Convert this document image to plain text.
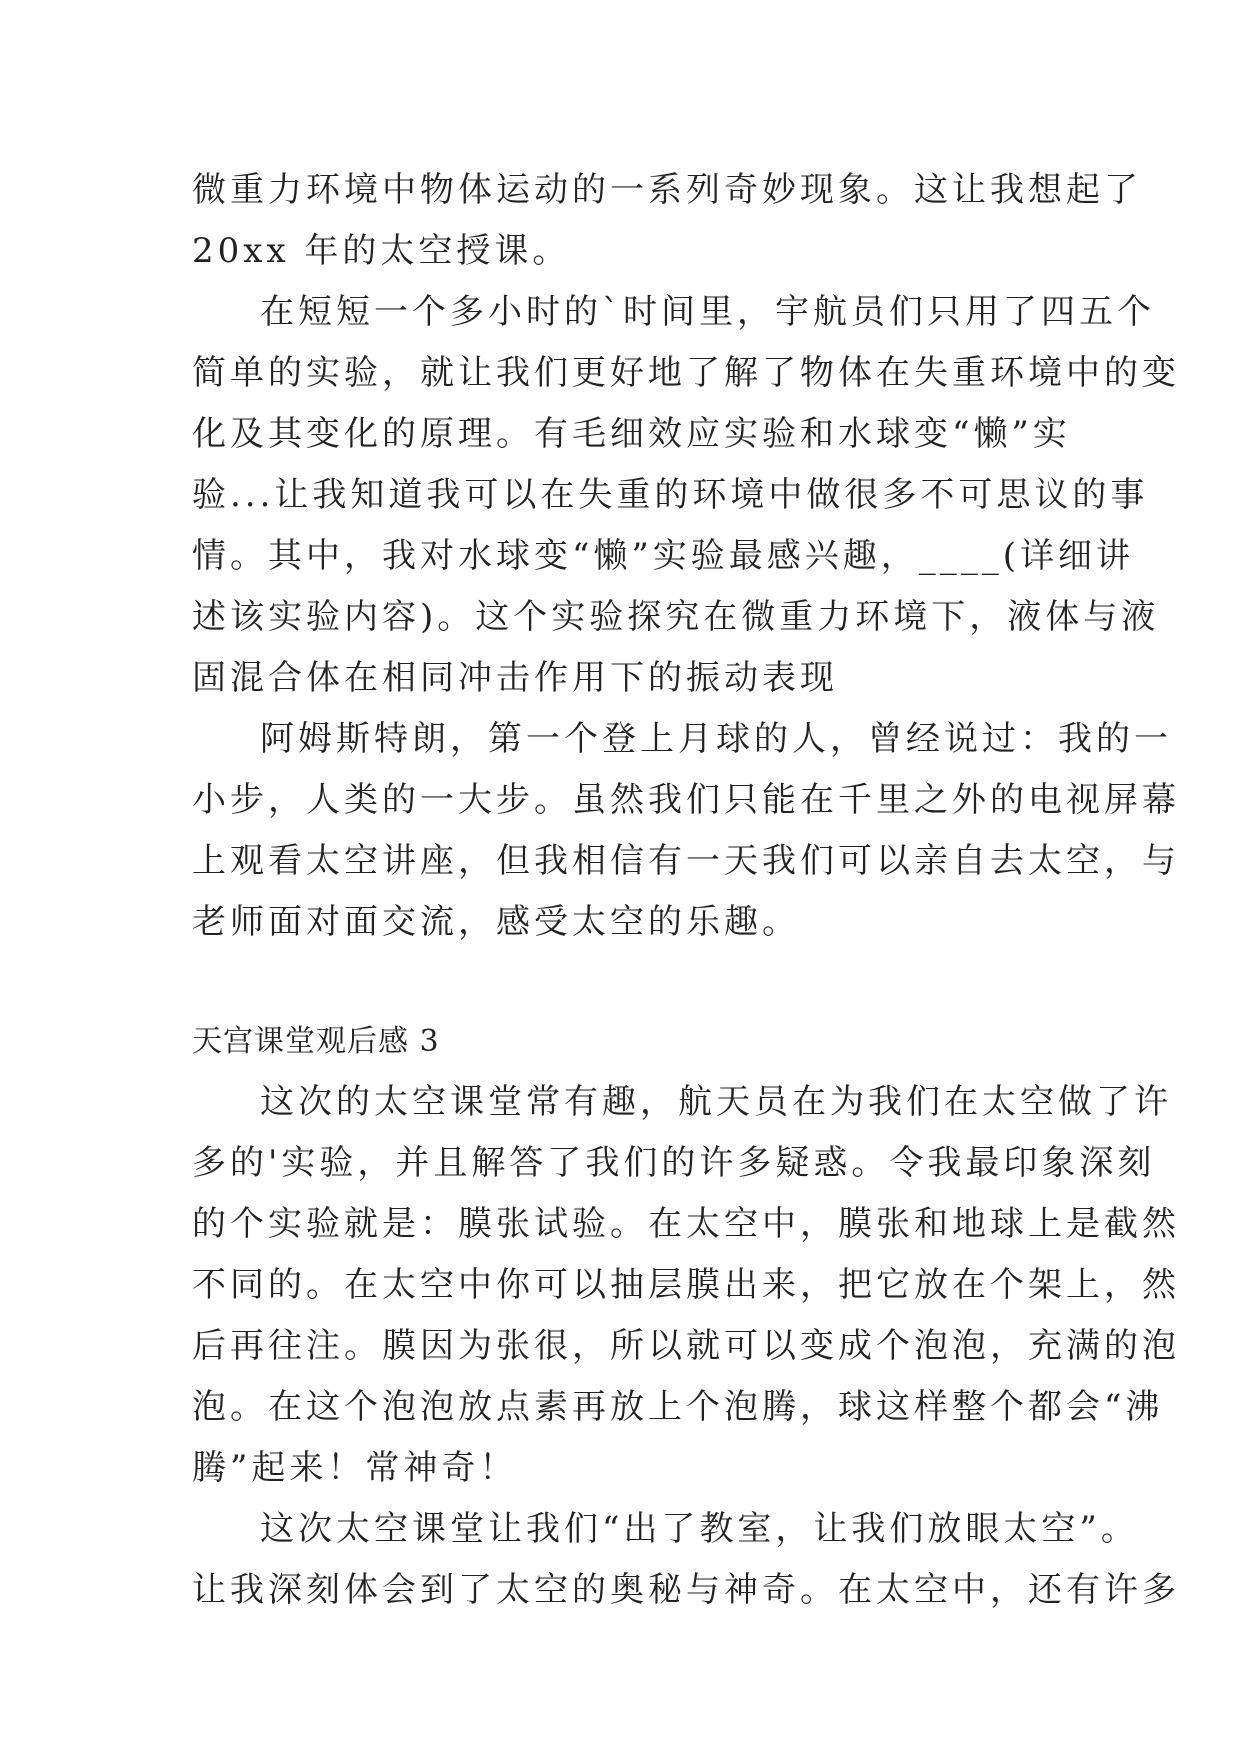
微重力环境中物体运动的一系列奇妙现象。这让我想起了
20xx 年的太空授课。
在短短一个多小时的`时间里，宇航员们只用了四五个
简单的实验，就让我们更好地了解了物体在失重环境中的变
化及其变化的原理。有毛细效应实验和水球变“懒”实
验...让我知道我可以在失重的环境中做很多不可思议的事
情。其中，我对水球变“懒”实验最感兴趣，____(详细讲
述该实验内容)。这个实验探究在微重力环境下，液体与液
固混合体在相同冲击作用下的振动表现
阿姆斯特朗，第一个登上月球的人，曾经说过：我的一
小步，人类的一大步。虽然我们只能在千里之外的电视屏幕
上观看太空讲座，但我相信有一天我们可以亲自去太空，与
老师面对面交流，感受太空的乐趣。
天宫课堂观后感 3
这次的太空课堂常有趣，航天员在为我们在太空做了许
多的'实验，并且解答了我们的许多疑惑。令我最印象深刻
的个实验就是：膜张试验。在太空中，膜张和地球上是截然
不同的。在太空中你可以抽层膜出来，把它放在个架上，然
后再往注。膜因为张很，所以就可以变成个泡泡，充满的泡
泡。在这个泡泡放点素再放上个泡腾，球这样整个都会“沸
腾”起来！常神奇！
这次太空课堂让我们“出了教室，让我们放眼太空”。
让我深刻体会到了太空的奥秘与神奇。在太空中，还有许多
